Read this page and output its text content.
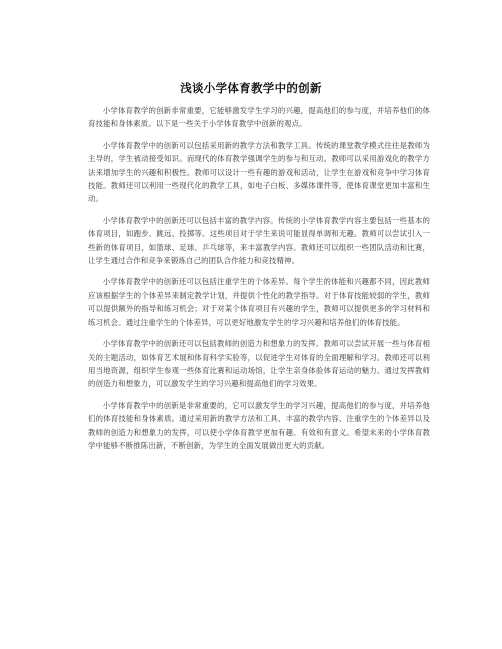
浅谈小学体育教学中的创新

小学体育教学的创新非常重要，它能够激发学生学习的兴趣，提高他们的参与度，并培养他们的体育技能和身体素质。以下是一些关于小学体育教学中创新的观点。

小学体育教学中的创新可以包括采用新的教学方法和教学工具。传统的课堂教学模式往往是教师为主导的，学生被动接受知识。而现代的体育教学强调学生的参与和互动。教师可以采用游戏化的教学方法来增加学生的兴趣和积极性。教师可以设计一些有趣的游戏和活动，让学生在游戏和竞争中学习体育技能。教师还可以利用一些现代化的教学工具，如电子白板、多媒体课件等，使体育课堂更加丰富和生动。

小学体育教学中的创新还可以包括丰富的教学内容。传统的小学体育教学内容主要包括一些基本的体育项目，如跑步、跳远、投掷等。这些项目对于学生来说可能显得单调和无趣。教师可以尝试引入一些新的体育项目，如篮球、足球、乒乓球等，来丰富教学内容。教师还可以组织一些团队活动和比赛，让学生通过合作和竞争来锻炼自己的团队合作能力和竞技精神。

小学体育教学中的创新还可以包括注重学生的个体差异。每个学生的体能和兴趣都不同，因此教师应该根据学生的个体差异来制定教学计划，并提供个性化的教学指导。对于体育技能较弱的学生，教师可以提供额外的指导和练习机会；对于对某个体育项目有兴趣的学生，教师可以提供更多的学习材料和练习机会。通过注重学生的个体差异，可以更好地激发学生的学习兴趣和培养他们的体育技能。

小学体育教学中的创新还可以包括教师的创造力和想象力的发挥。教师可以尝试开展一些与体育相关的主题活动，如体育艺术展和体育科学实验等，以促进学生对体育的全面理解和学习。教师还可以利用当地资源，组织学生参观一些体育比赛和运动场馆，让学生亲身体验体育运动的魅力。通过发挥教师的创造力和想象力，可以激发学生的学习兴趣和提高他们的学习效果。

小学体育教学中的创新是非常重要的，它可以激发学生的学习兴趣，提高他们的参与度，并培养他们的体育技能和身体素质。通过采用新的教学方法和工具、丰富的教学内容、注重学生的个体差异以及教师的创造力和想象力的发挥，可以使小学体育教学更加有趣、有效和有意义。希望未来的小学体育教学中能够不断推陈出新，不断创新，为学生的全面发展做出更大的贡献。
